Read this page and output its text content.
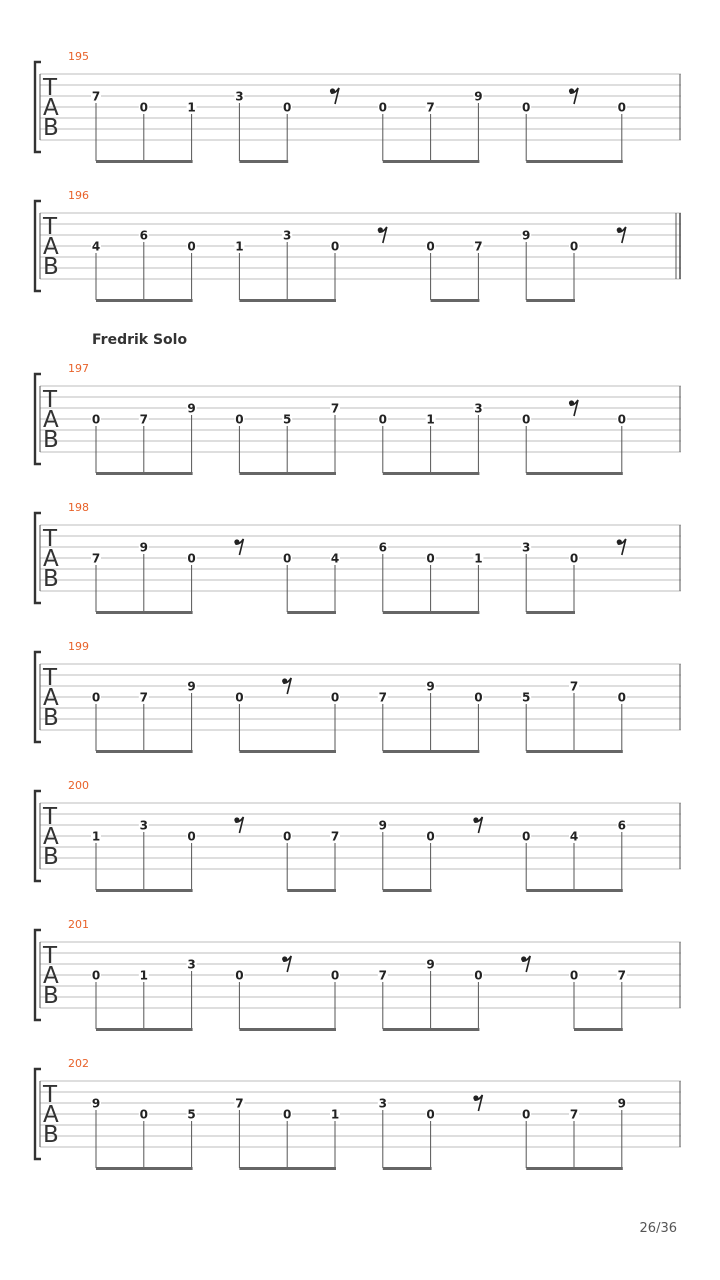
Fredrik Solo
195
T
A
B
7
0	1
3
0	0	7
9
0	0
196
T
A
B
4
6
0	1
3
0	0	7
9
0
197
T
A
B
0	7
9
0	5
7
0	1
3
0	0
198
T
A
B
7
9
0	0	4
6
0	1
3
0
199
T
A
B
0	7
9
0	0	7
9
0	5
7
0
200
T
A
B
1
3
0	0	7
9
0	0	4
6
201
T
A
B
0	1
3
0	0	7
9
0	0	7
202
T
A
B
9
0	5
7
0	1
3
0	0	7
9
26/36
